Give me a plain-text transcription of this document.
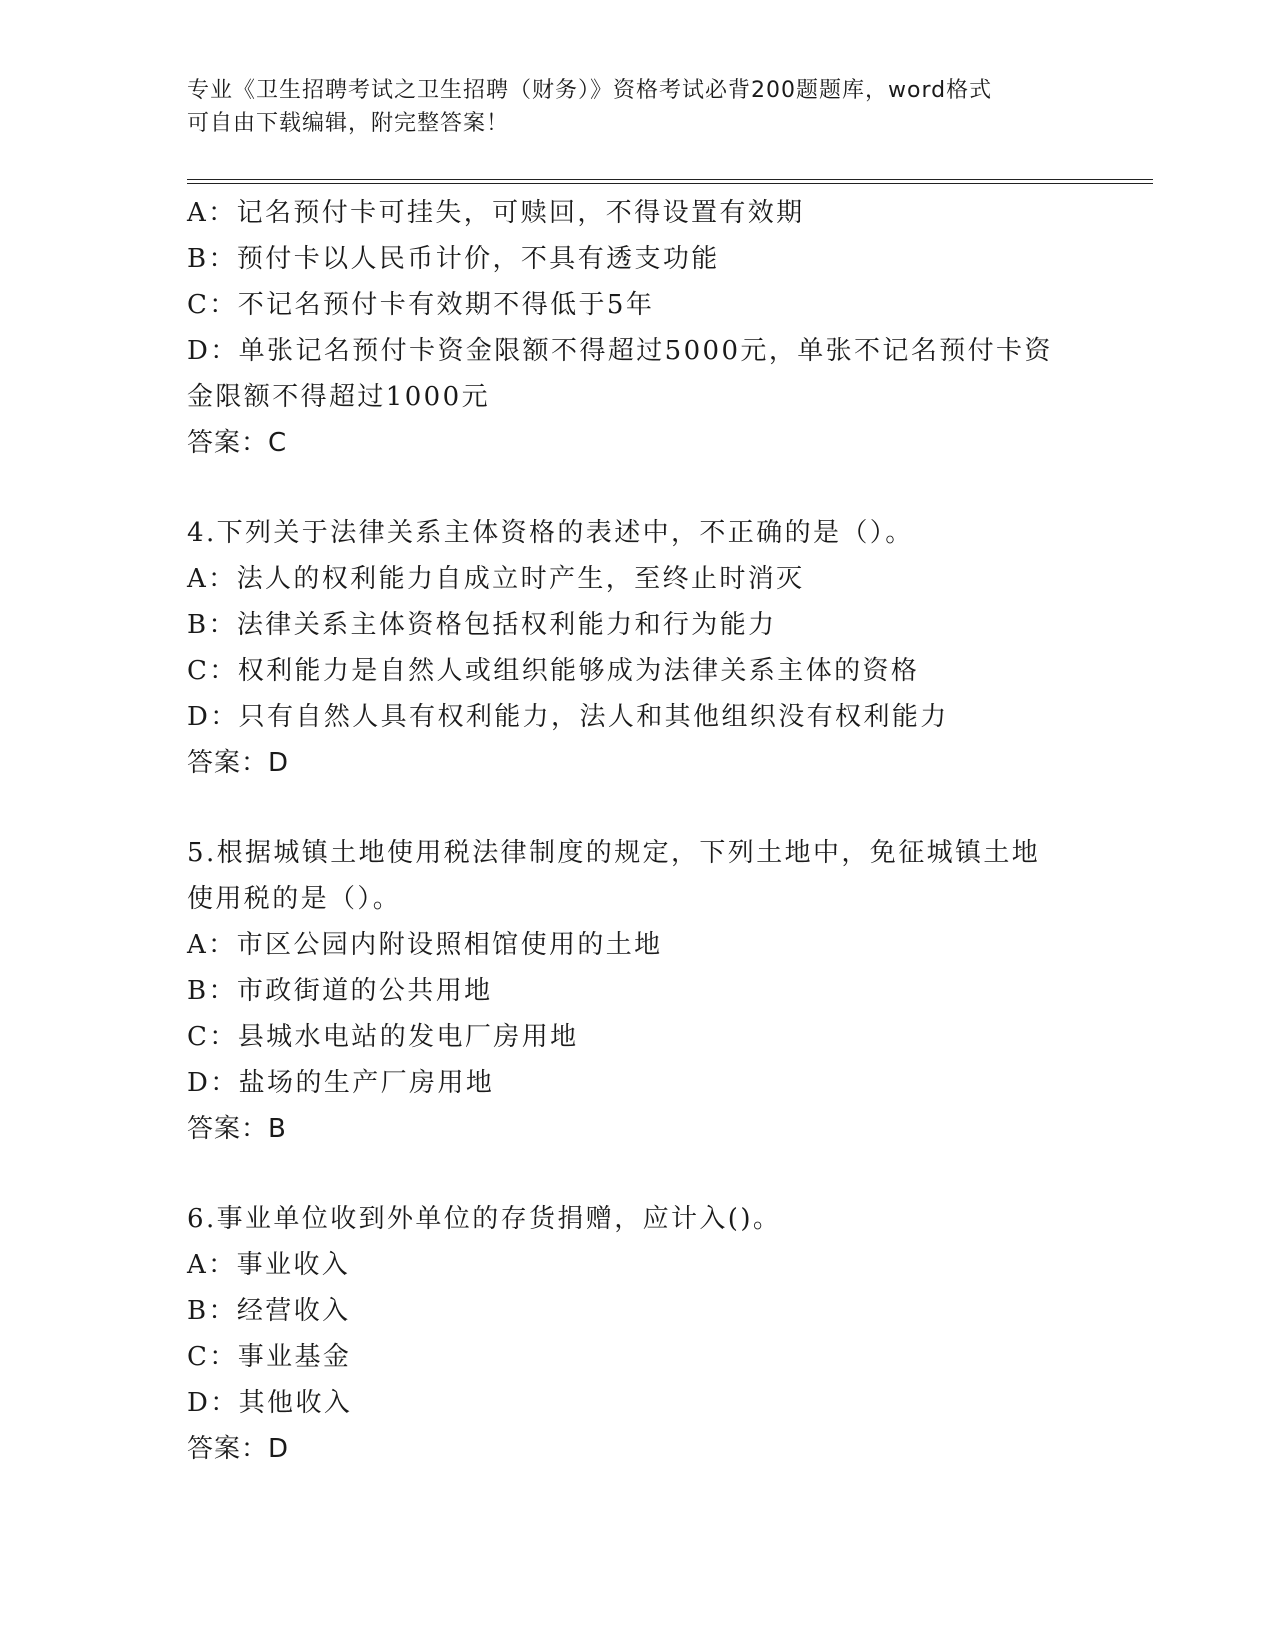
专业《卫生招聘考试之卫生招聘（财务）》资格考试必背200题题库，word格式
可自由下载编辑，附完整答案！
A：记名预付卡可挂失，可赎回，不得设置有效期
B：预付卡以人民币计价，不具有透支功能
C：不记名预付卡有效期不得低于5年
D：单张记名预付卡资金限额不得超过5000元，单张不记名预付卡资
金限额不得超过1000元
答案：C
4.下列关于法律关系主体资格的表述中，不正确的是（）。
A：法人的权利能力自成立时产生，至终止时消灭
B：法律关系主体资格包括权利能力和行为能力
C：权利能力是自然人或组织能够成为法律关系主体的资格
D：只有自然人具有权利能力，法人和其他组织没有权利能力
答案：D
5.根据城镇土地使用税法律制度的规定，下列土地中，免征城镇土地
使用税的是（）。
A：市区公园内附设照相馆使用的土地
B：市政街道的公共用地
C：县城水电站的发电厂房用地
D：盐场的生产厂房用地
答案：B
6.事业单位收到外单位的存货捐赠，应计入()。
A：事业收入
B：经营收入
C：事业基金
D：其他收入
答案：D
